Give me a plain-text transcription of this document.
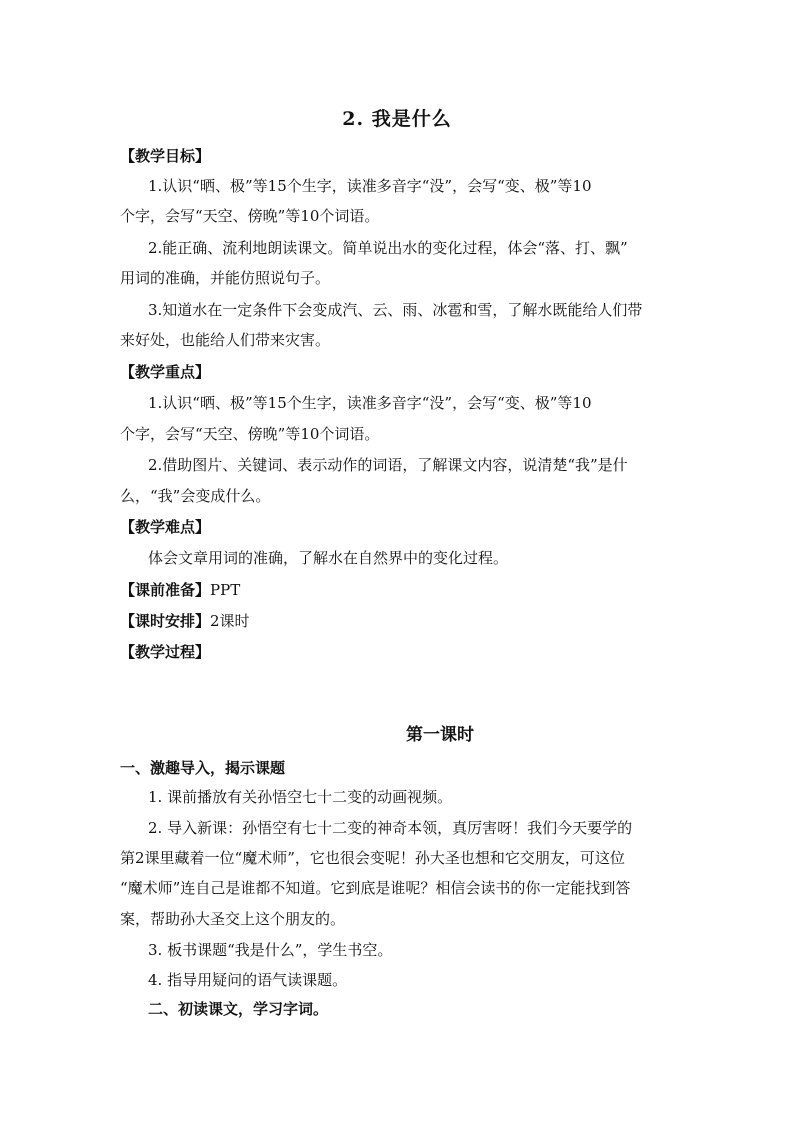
2. 我是什么
【教学目标】
1.认识“晒、极”等15个生字，读准多音字“没”，会写“变、极”等10
个字，会写“天空、傍晚”等10个词语。
2.能正确、流利地朗读课文。简单说出水的变化过程，体会“落、打、飘”
用词的准确，并能仿照说句子。
3.知道水在一定条件下会变成汽、云、雨、冰雹和雪，了解水既能给人们带
来好处，也能给人们带来灾害。
【教学重点】
1.认识“晒、极”等15个生字，读准多音字“没”，会写“变、极”等10
个字，会写“天空、傍晚”等10个词语。
2.借助图片、关键词、表示动作的词语，了解课文内容，说清楚“我”是什
么，“我”会变成什么。
【教学难点】
体会文章用词的准确，了解水在自然界中的变化过程。
【课前准备】PPT
【课时安排】2课时
【教学过程】
第一课时
一、激趣导入，揭示课题
1. 课前播放有关孙悟空七十二变的动画视频。
2. 导入新课：孙悟空有七十二变的神奇本领，真厉害呀！我们今天要学的
第2课里藏着一位“魔术师”，它也很会变呢！孙大圣也想和它交朋友，可这位
“魔术师”连自己是谁都不知道。它到底是谁呢？相信会读书的你一定能找到答
案，帮助孙大圣交上这个朋友的。
3. 板书课题“我是什么”，学生书空。
4. 指导用疑问的语气读课题。
二、初读课文，学习字词。
